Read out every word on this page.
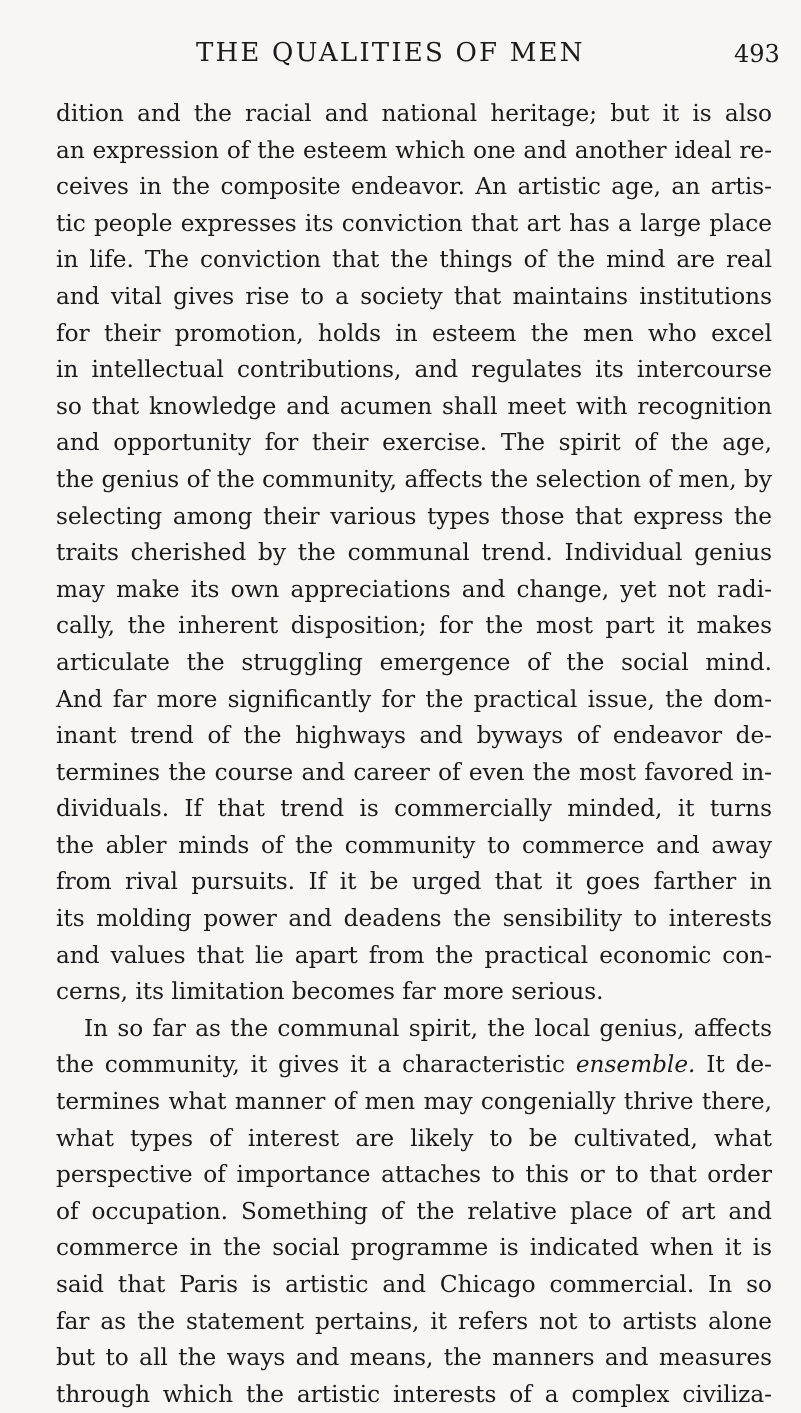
THE QUALITIES OF MEN	493
dition and the racial and national heritage; but it is also
an expression of the esteem which one and another ideal re-
ceives in the composite endeavor. An artistic age, an artis-
tic people expresses its conviction that art has a large place
in life. The conviction that the things of the mind are real
and vital gives rise to a society that maintains institutions
for their promotion, holds in esteem the men who excel
in intellectual contributions, and regulates its intercourse
so that knowledge and acumen shall meet with recognition
and opportunity for their exercise. The spirit of the age,
the genius of the community, affects the selection of men, by
selecting among their various types those that express the
traits cherished by the communal trend. Individual genius
may make its own appreciations and change, yet not radi-
cally, the inherent disposition; for the most part it makes
articulate the struggling emergence of the social mind.
And far more significantly for the practical issue, the dom-
inant trend of the highways and byways of endeavor de-
termines the course and career of even the most favored in-
dividuals. If that trend is commercially minded, it turns
the abler minds of the community to commerce and away
from rival pursuits. If it be urged that it goes farther in
its molding power and deadens the sensibility to interests
and values that lie apart from the practical economic con-
cerns, its limitation becomes far more serious.
In so far as the communal spirit, the local genius, affects
the community, it gives it a characteristic ensemble. It de-
termines what manner of men may congenially thrive there,
what types of interest are likely to be cultivated, what
perspective of importance attaches to this or to that order
of occupation. Something of the relative place of art and
commerce in the social programme is indicated when it is
said that Paris is artistic and Chicago commercial. In so
far as the statement pertains, it refers not to artists alone
but to all the ways and means, the manners and measures
through which the artistic interests of a complex civiliza-
